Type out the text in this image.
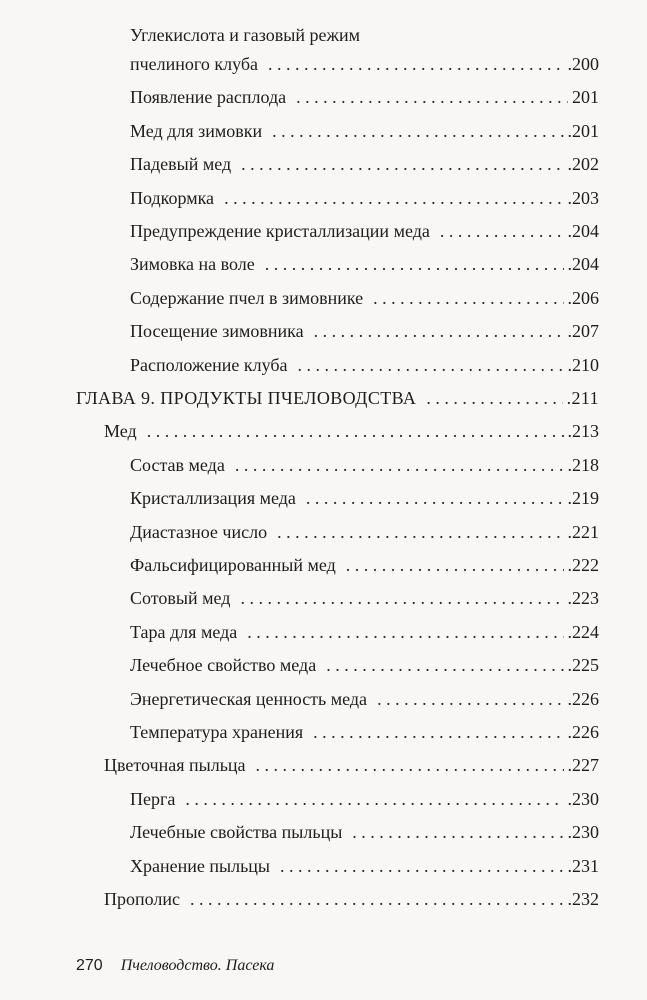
Углекислота и газовый режим
пчелиного клуба . . .	.200
Появление расплода . . .	201
Мед для зимовки . . .	.201
Падевый мед . . .	.202
Подкормка . . .	.203
Предупреждение кристаллизации меда . . .	.204
Зимовка на воле . . .	.204
Содержание пчел в зимовнике . . .	.206
Посещение зимовника . . .	.207
Расположение клуба . . .	.210
ГЛАВА 9. ПРОДУКТЫ ПЧЕЛОВОДСТВА . . .	.211
Мед . . .	.213
Состав меда . . .	.218
Кристаллизация меда . . .	.219
Диастазное число . . .	.221
Фальсифицированный мед . . .	.222
Сотовый мед . . .	.223
Тара для меда . . .	.224
Лечебное свойство меда . . .	.225
Энергетическая ценность меда . . .	.226
Температура хранения . . .	.226
Цветочная пыльца . . .	.227
Перга . . .	.230
Лечебные свойства пыльцы . . .	.230
Хранение пыльцы . . .	.231
Прополис . . .	.232
270 Пчеловодство. Пасека
